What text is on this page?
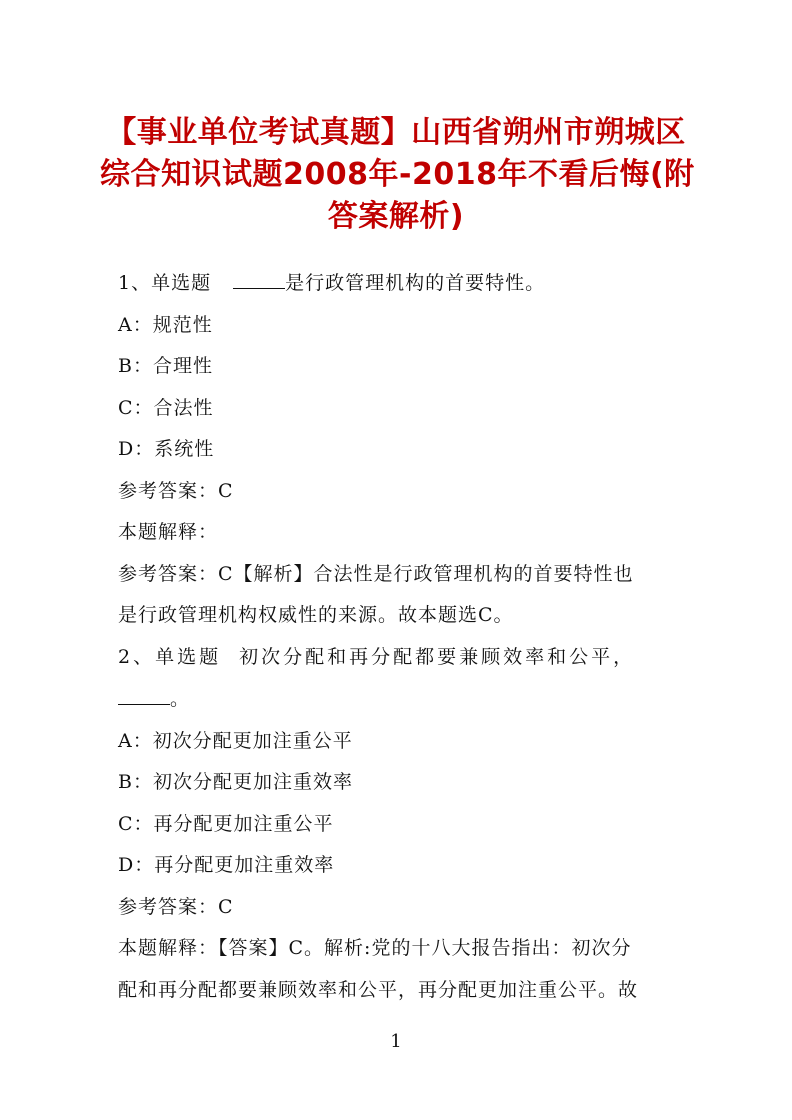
【事业单位考试真题】山西省朔州市朔城区
综合知识试题2008年-2018年不看后悔(附
答案解析)
1、单选题	是行政管理机构的首要特性。
A：规范性
B：合理性
C：合法性
D：系统性
参考答案：C
本题解释：
参考答案：C【解析】合法性是行政管理机构的首要特性也
是行政管理机构权威性的来源。故本题选C。
2、单选题 初次分配和再分配都要兼顾效率和公平，
。
A：初次分配更加注重公平
B：初次分配更加注重效率
C：再分配更加注重公平
D：再分配更加注重效率
参考答案：C
本题解释：【答案】C。解析:党的十八大报告指出：初次分
配和再分配都要兼顾效率和公平，再分配更加注重公平。故
1
